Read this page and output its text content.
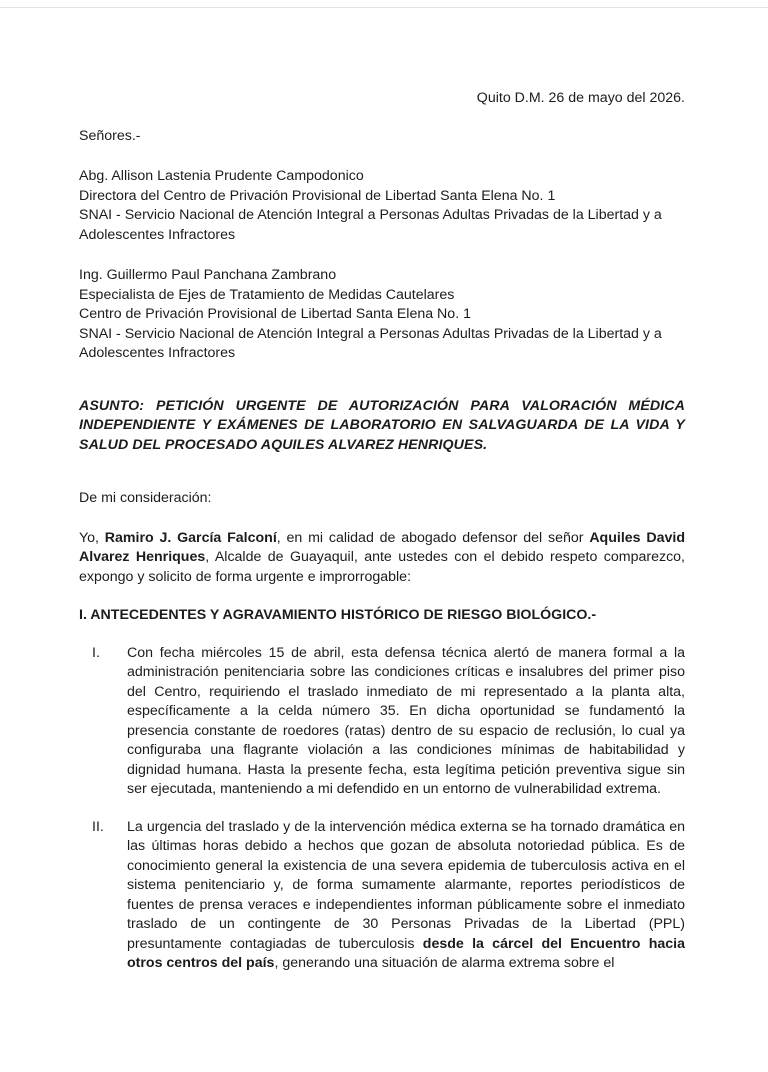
Quito D.M. 26 de mayo del 2026.

Señores.-

Abg. Allison Lastenia Prudente Campodonico
Directora del Centro de Privación Provisional de Libertad Santa Elena No. 1
SNAI - Servicio Nacional de Atención Integral a Personas Adultas Privadas de la Libertad y a Adolescentes Infractores
Ing. Guillermo Paul Panchana Zambrano
Especialista de Ejes de Tratamiento de Medidas Cautelares
Centro de Privación Provisional de Libertad Santa Elena No. 1
SNAI - Servicio Nacional de Atención Integral a Personas Adultas Privadas de la Libertad y a Adolescentes Infractores

ASUNTO: PETICIÓN URGENTE DE AUTORIZACIÓN PARA VALORACIÓN MÉDICA INDEPENDIENTE Y EXÁMENES DE LABORATORIO EN SALVAGUARDA DE LA VIDA Y SALUD DEL PROCESADO AQUILES ALVAREZ HENRIQUES.

De mi consideración:

Yo, Ramiro J. García Falconí, en mi calidad de abogado defensor del señor Aquiles David Alvarez Henriques, Alcalde de Guayaquil, ante ustedes con el debido respeto comparezco, expongo y solicito de forma urgente e improrrogable:

I. ANTECEDENTES Y AGRAVAMIENTO HISTÓRICO DE RIESGO BIOLÓGICO.-

I.	Con fecha miércoles 15 de abril, esta defensa técnica alertó de manera formal a la administración penitenciaria sobre las condiciones críticas e insalubres del primer piso del Centro, requiriendo el traslado inmediato de mi representado a la planta alta, específicamente a la celda número 35. En dicha oportunidad se fundamentó la presencia constante de roedores (ratas) dentro de su espacio de reclusión, lo cual ya configuraba una flagrante violación a las condiciones mínimas de habitabilidad y dignidad humana. Hasta la presente fecha, esta legítima petición preventiva sigue sin ser ejecutada, manteniendo a mi defendido en un entorno de vulnerabilidad extrema.
II.	La urgencia del traslado y de la intervención médica externa se ha tornado dramática en las últimas horas debido a hechos que gozan de absoluta notoriedad pública. Es de conocimiento general la existencia de una severa epidemia de tuberculosis activa en el sistema penitenciario y, de forma sumamente alarmante, reportes periodísticos de fuentes de prensa veraces e independientes informan públicamente sobre el inmediato traslado de un contingente de 30 Personas Privadas de la Libertad (PPL) presuntamente contagiadas de tuberculosis desde la cárcel del Encuentro hacia otros centros del país, generando una situación de alarma extrema sobre el
